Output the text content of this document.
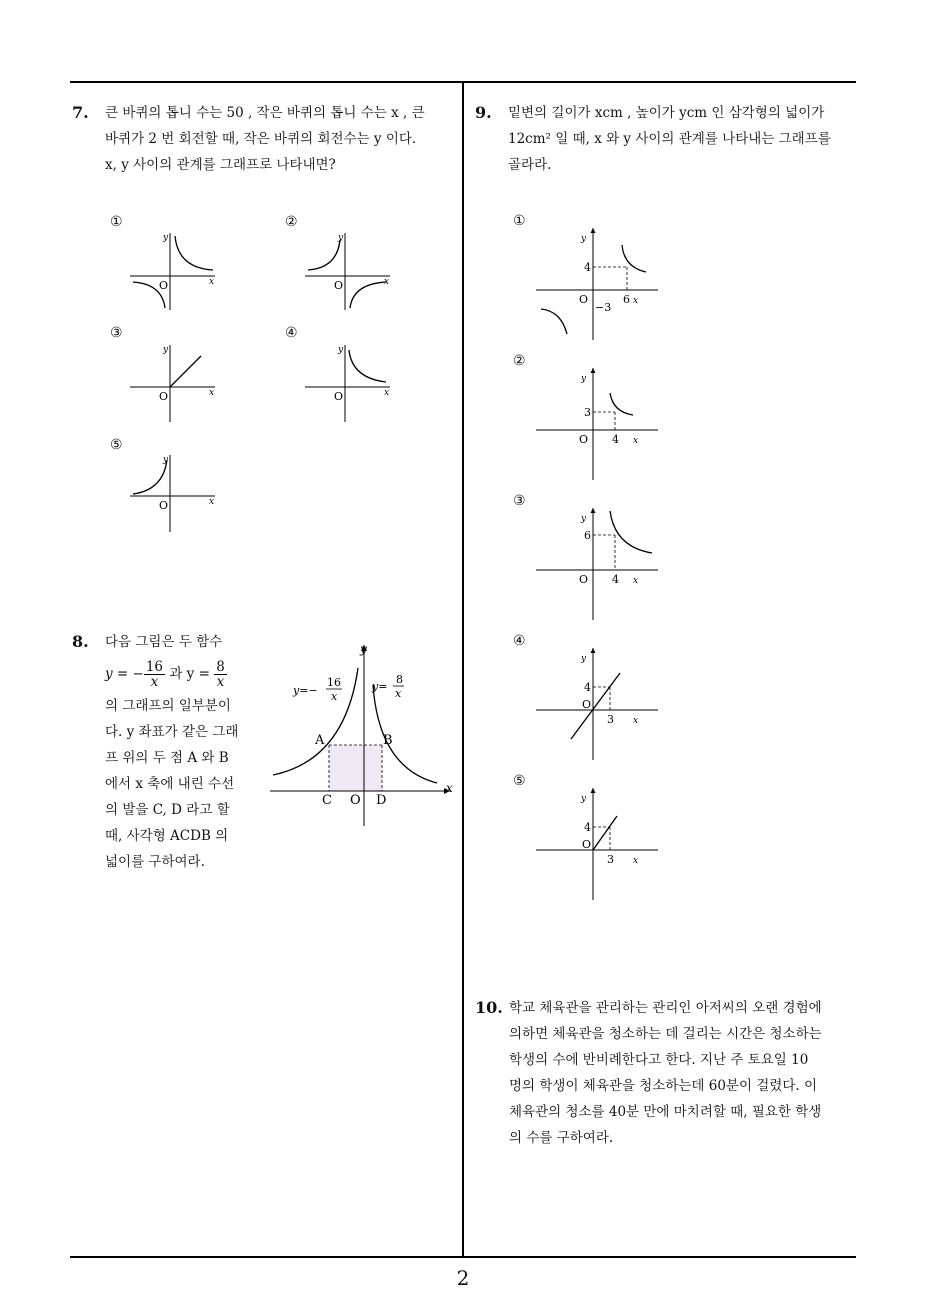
7. 큰 바퀴의 톱니 수는 50 , 작은 바퀴의 톱니 수는 x , 큰
바퀴가 2 번 회전할 때, 작은 바퀴의 회전수는 y 이다.
x, y 사이의 관계를 그래프로 나타내면?
①	②
③	④
⑤
y
x
O
y
x
O
y
x
O
y
x
O
y
x
O
8. 다음 그림은 두 함수
y = − $\frac{16}{x}$ 과 $y = \frac{8}{x}$
의 그래프의 일부분이
다. y 좌표가 같은 그래
프 위의 두 점 A 와 B
에서 x 축에 내린 수선
의 발을 C, D 라고 할
때, 사각형 ACDB 의
넓이를 구하여라.
A	B
C O D
x
y
y=−
16
x
y=
8
x
9. 밑변의 길이가 xcm , 높이가 ycm 인 삼각형의 넓이가
12cm² 일 때, x 와 y 사이의 관계를 나타내는 그래프를
골라라.
①
②
③
④
⑤
y
4
O	6 x
−3
y
3
O 4 x
y
6
O 4 x
y
4
O
3 x
y
4
O
3 x
10. 학교 체육관을 관리하는 관리인 아저씨의 오랜 경험에
의하면 체육관을 청소하는 데 걸리는 시간은 청소하는
학생의 수에 반비례한다고 한다. 지난 주 토요일 10
명의 학생이 체육관을 청소하는데 60분이 걸렸다. 이
체육관의 청소를 40분 만에 마치려할 때, 필요한 학생
의 수를 구하여라.
2
